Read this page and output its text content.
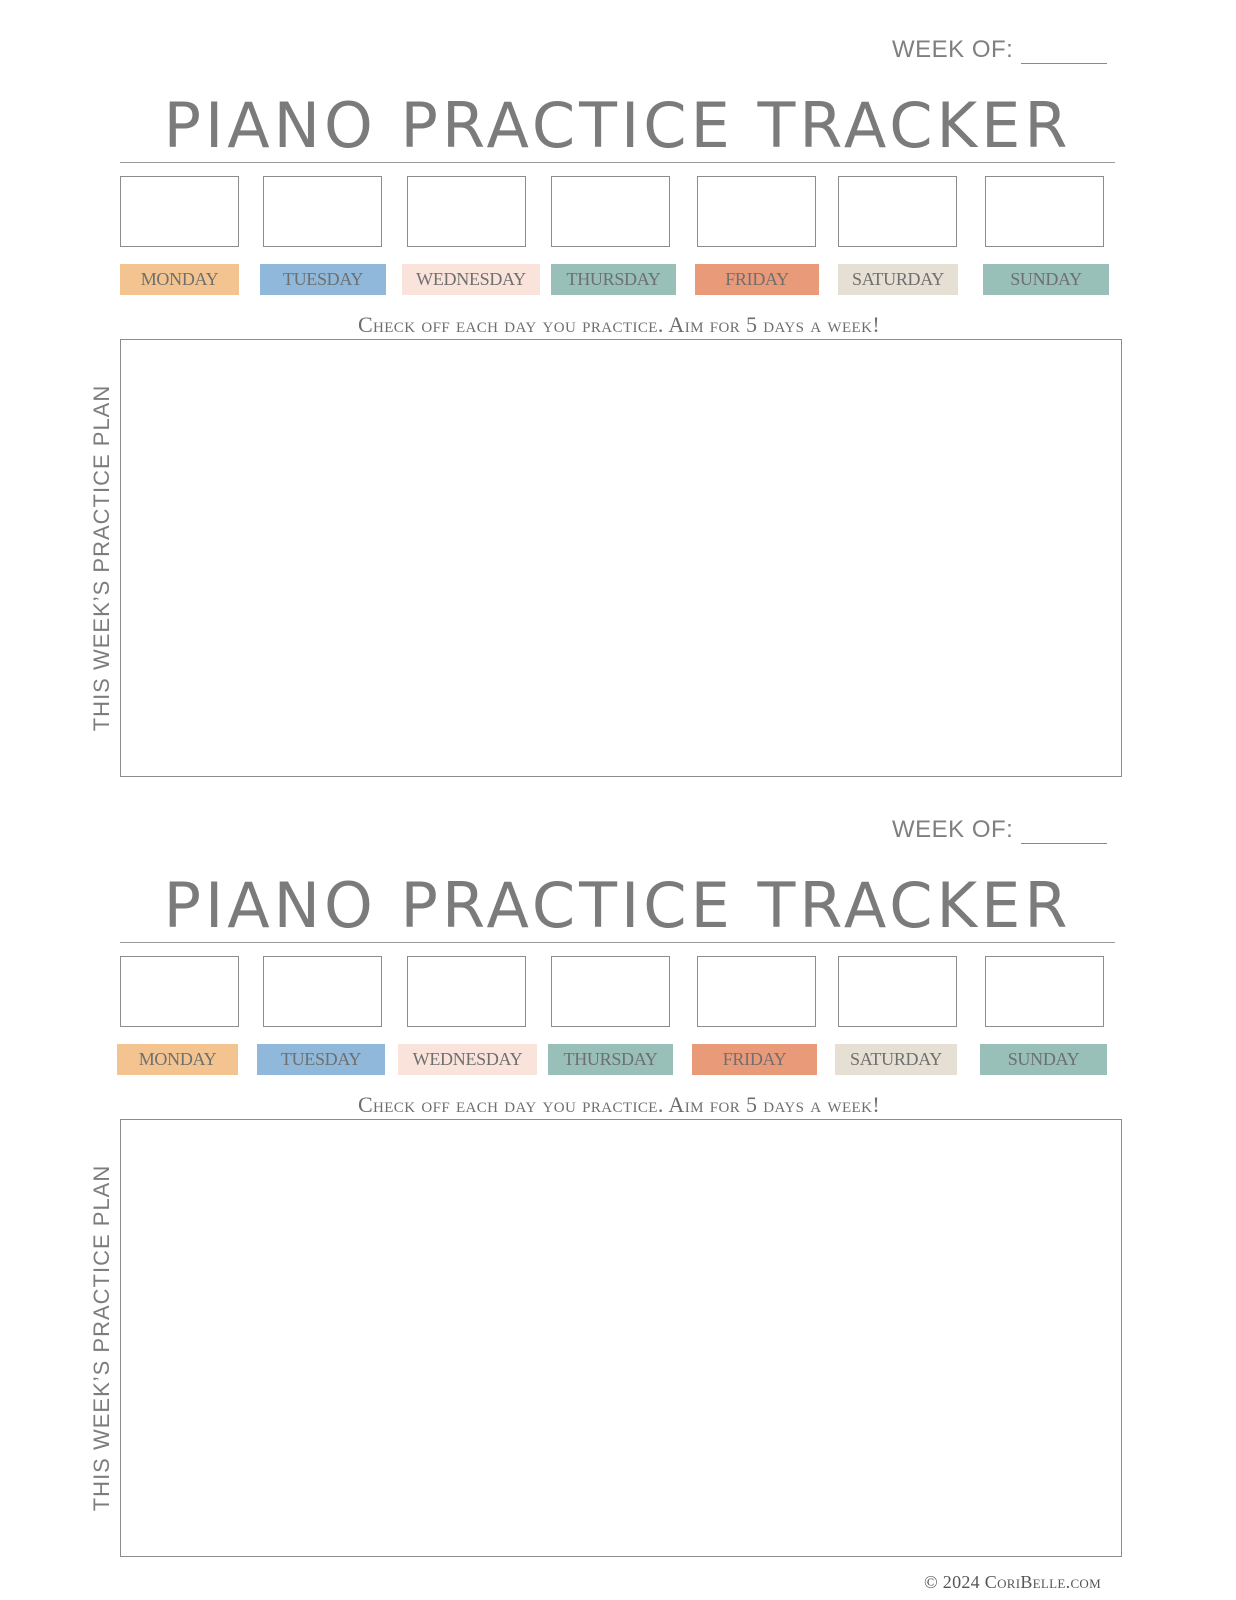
WEEK OF:
PIANO PRACTICE TRACKER
MONDAY	TUESDAY	WEDNESDAY	THURSDAY	FRIDAY	SATURDAY	SUNDAY
Check off each day you practice. Aim for 5 days a week!
THIS WEEK’S PRACTICE PLAN
WEEK OF:
PIANO PRACTICE TRACKER
MONDAY	TUESDAY	WEDNESDAY	THURSDAY	FRIDAY	SATURDAY	SUNDAY
Check off each day you practice. Aim for 5 days a week!
THIS WEEK’S PRACTICE PLAN
© 2024 CoriBelle.com
